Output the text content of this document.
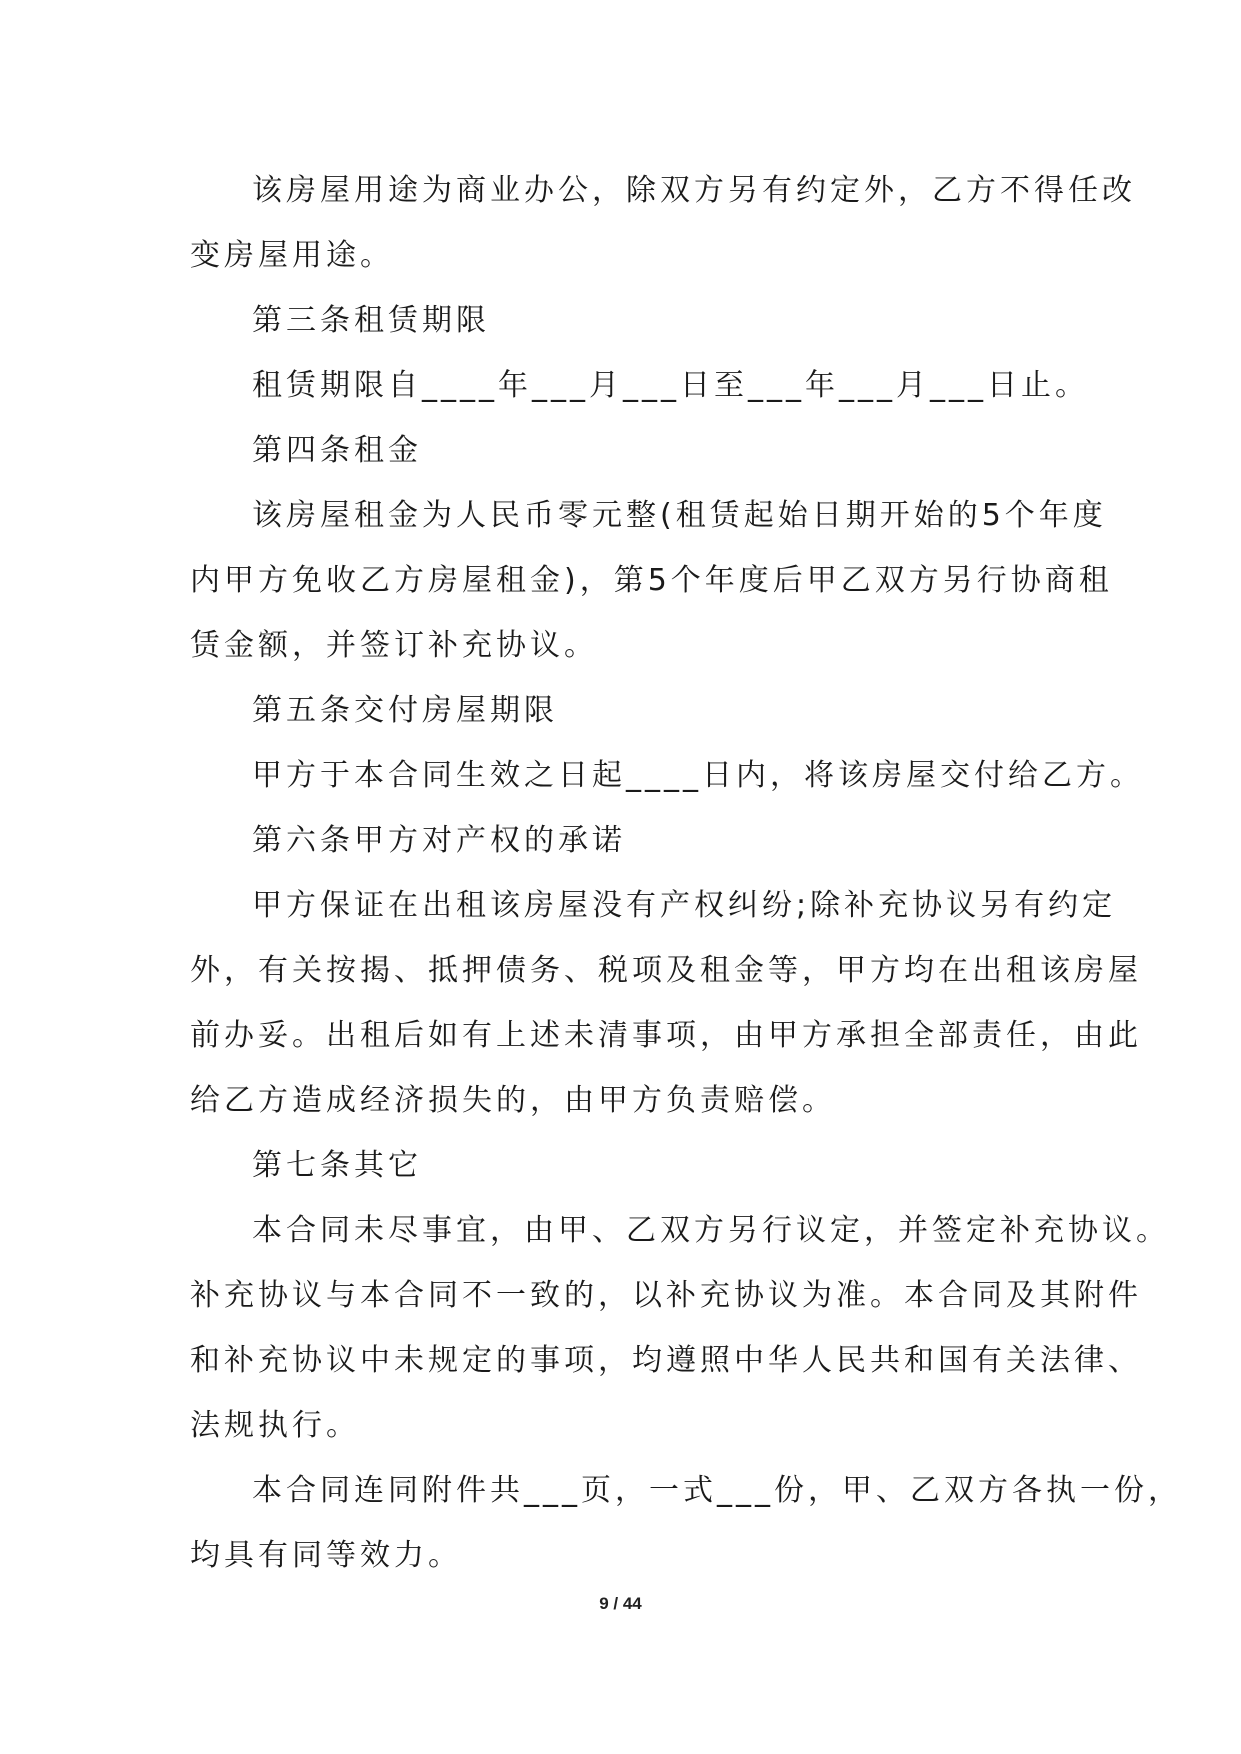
该房屋用途为商业办公，除双方另有约定外，乙方不得任改
变房屋用途。
第三条租赁期限
租赁期限自____年___月___日至___年___月___日止。
第四条租金
该房屋租金为人民币零元整(租赁起始日期开始的5个年度
内甲方免收乙方房屋租金)，第5个年度后甲乙双方另行协商租
赁金额，并签订补充协议。
第五条交付房屋期限
甲方于本合同生效之日起____日内，将该房屋交付给乙方。
第六条甲方对产权的承诺
甲方保证在出租该房屋没有产权纠纷;除补充协议另有约定
外，有关按揭、抵押债务、税项及租金等，甲方均在出租该房屋
前办妥。出租后如有上述未清事项，由甲方承担全部责任，由此
给乙方造成经济损失的，由甲方负责赔偿。
第七条其它
本合同未尽事宜，由甲、乙双方另行议定，并签定补充协议。
补充协议与本合同不一致的，以补充协议为准。本合同及其附件
和补充协议中未规定的事项，均遵照中华人民共和国有关法律、
法规执行。
本合同连同附件共___页，一式___份，甲、乙双方各执一份，
均具有同等效力。
9 / 44
